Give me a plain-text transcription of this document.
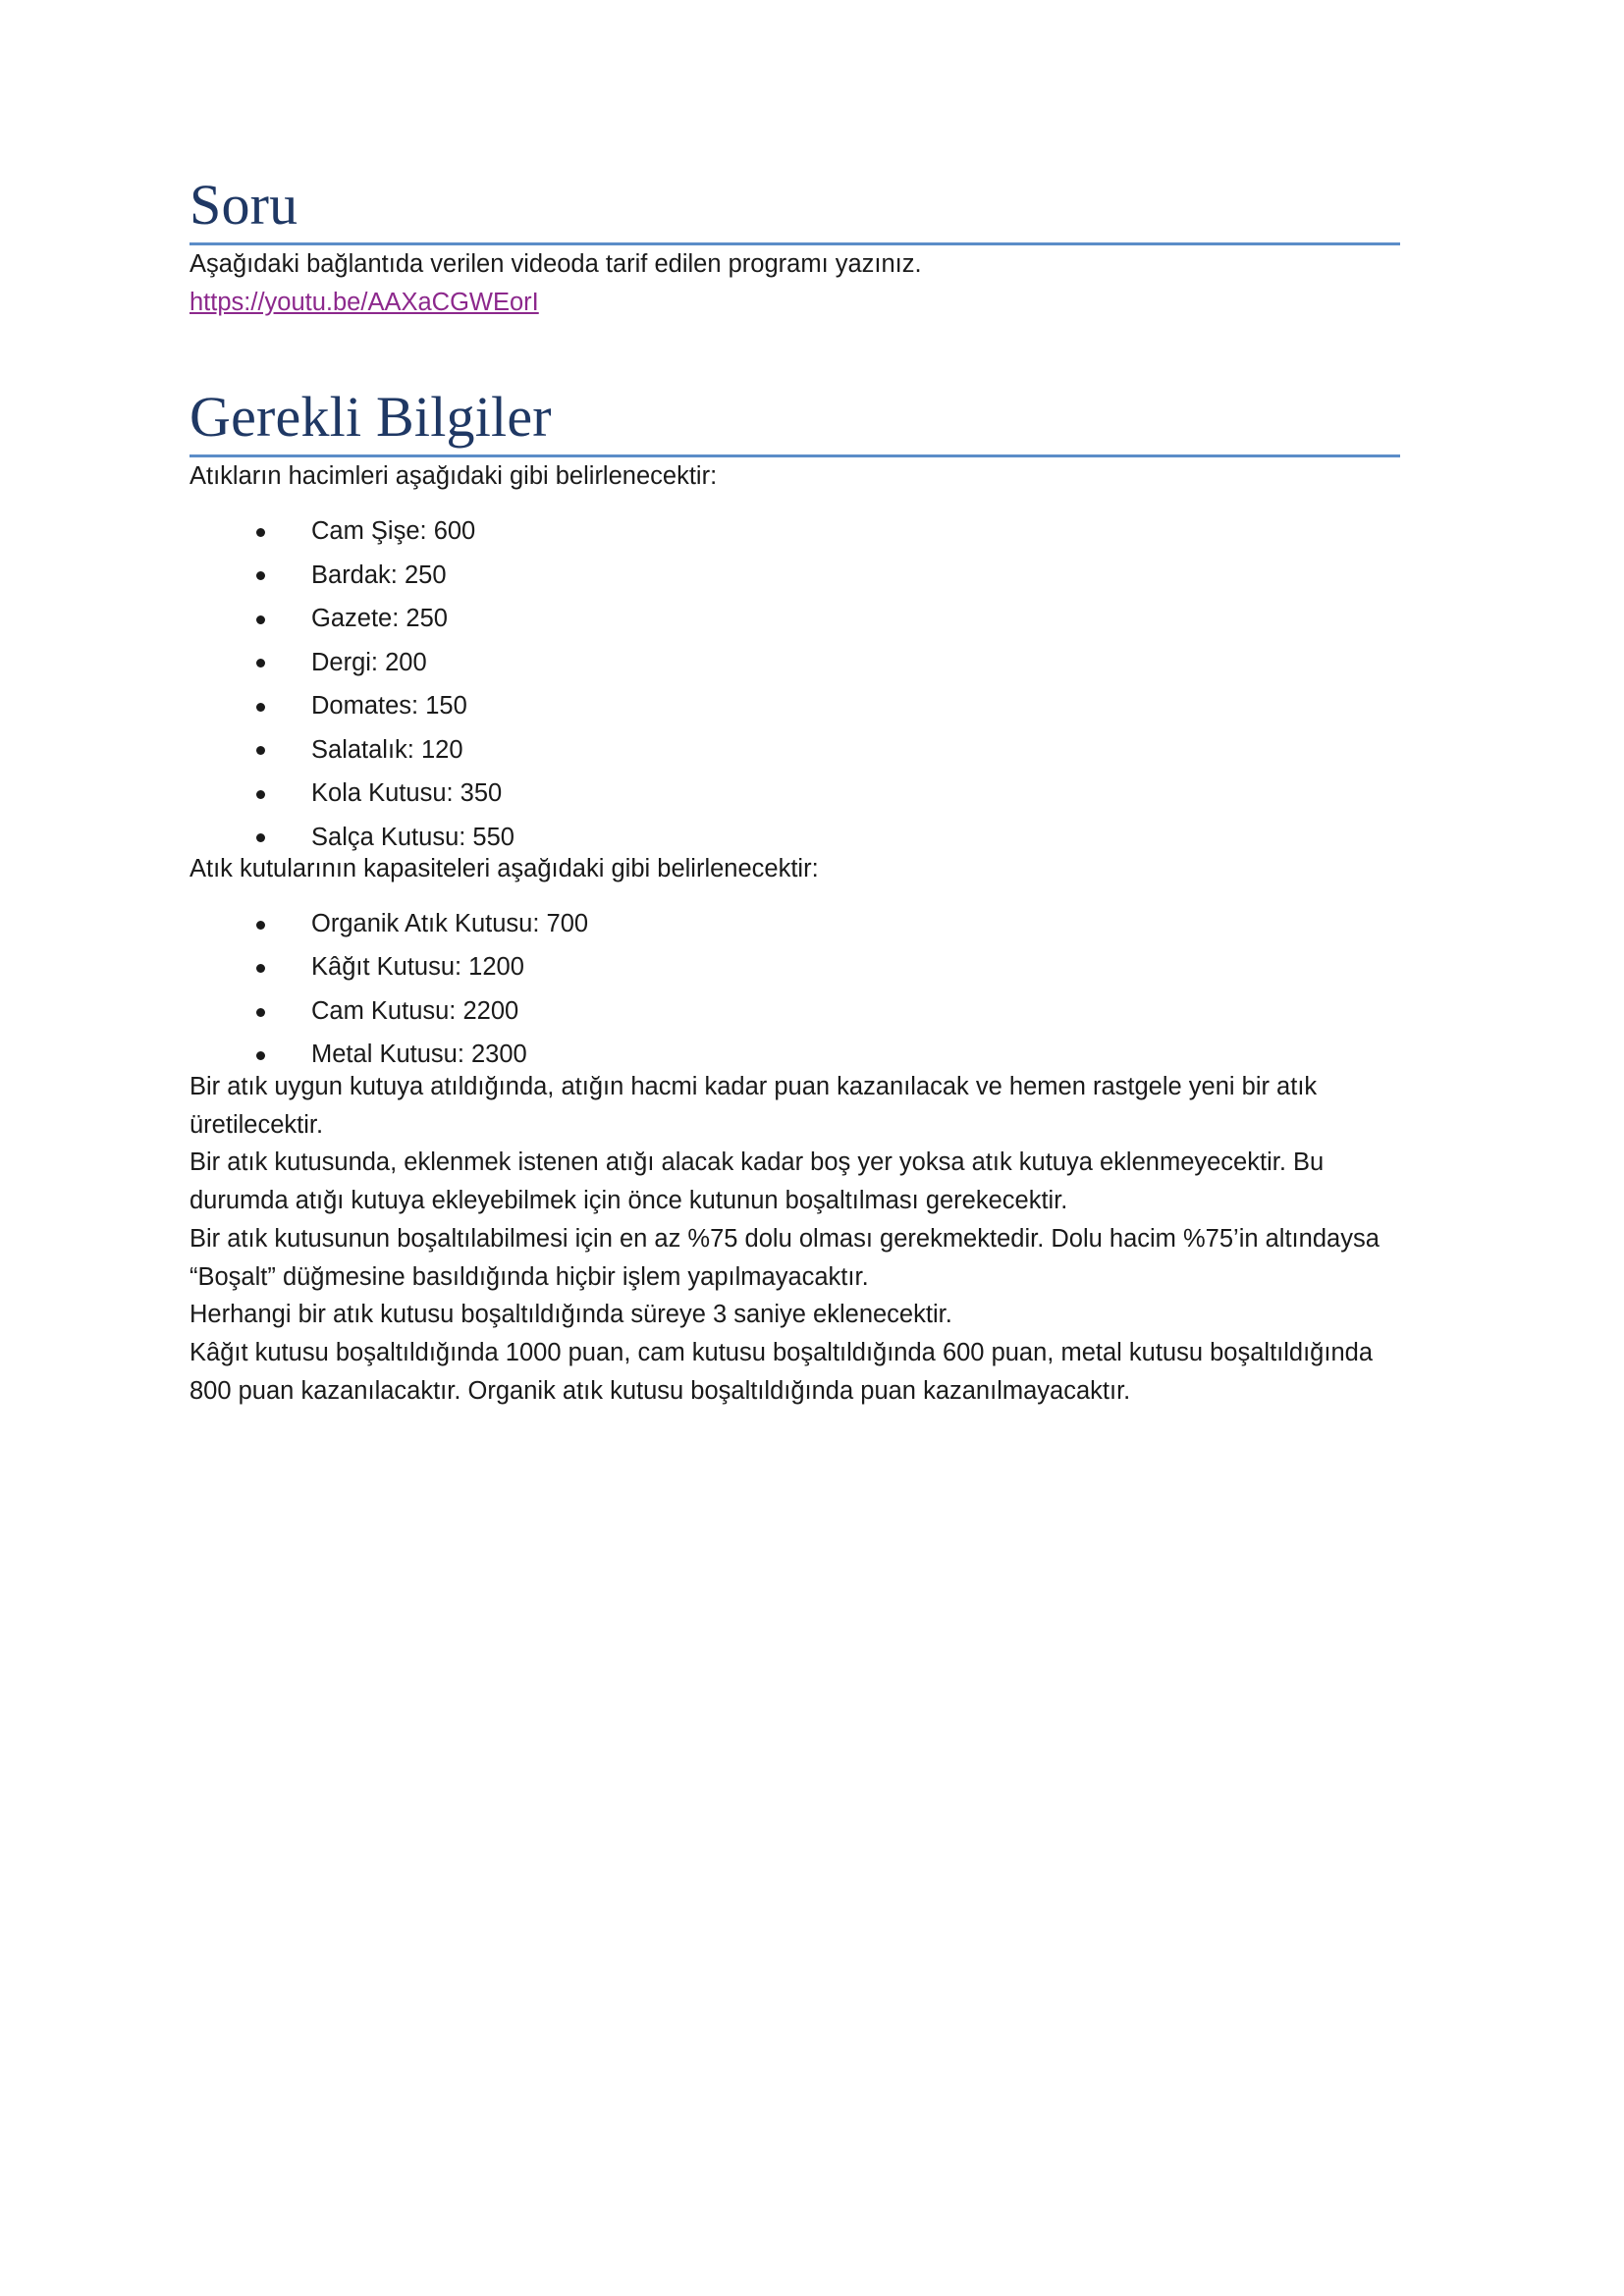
Soru

Aşağıdaki bağlantıda verilen videoda tarif edilen programı yazınız.

https://youtu.be/AAXaCGWEorI

Gerekli Bilgiler

Atıkların hacimleri aşağıdaki gibi belirlenecektir:

Cam Şişe: 600
Bardak: 250
Gazete: 250
Dergi: 200
Domates: 150
Salatalık: 120
Kola Kutusu: 350
Salça Kutusu: 550

Atık kutularının kapasiteleri aşağıdaki gibi belirlenecektir:

Organik Atık Kutusu: 700
Kâğıt Kutusu: 1200
Cam Kutusu: 2200
Metal Kutusu: 2300

Bir atık uygun kutuya atıldığında, atığın hacmi kadar puan kazanılacak ve hemen rastgele yeni bir atık üretilecektir.

Bir atık kutusunda, eklenmek istenen atığı alacak kadar boş yer yoksa atık kutuya eklenmeyecektir. Bu durumda atığı kutuya ekleyebilmek için önce kutunun boşaltılması gerekecektir.

Bir atık kutusunun boşaltılabilmesi için en az %75 dolu olması gerekmektedir. Dolu hacim %75’in altındaysa “Boşalt” düğmesine basıldığında hiçbir işlem yapılmayacaktır.

Herhangi bir atık kutusu boşaltıldığında süreye 3 saniye eklenecektir.

Kâğıt kutusu boşaltıldığında 1000 puan, cam kutusu boşaltıldığında 600 puan, metal kutusu boşaltıldığında 800 puan kazanılacaktır. Organik atık kutusu boşaltıldığında puan kazanılmayacaktır.
